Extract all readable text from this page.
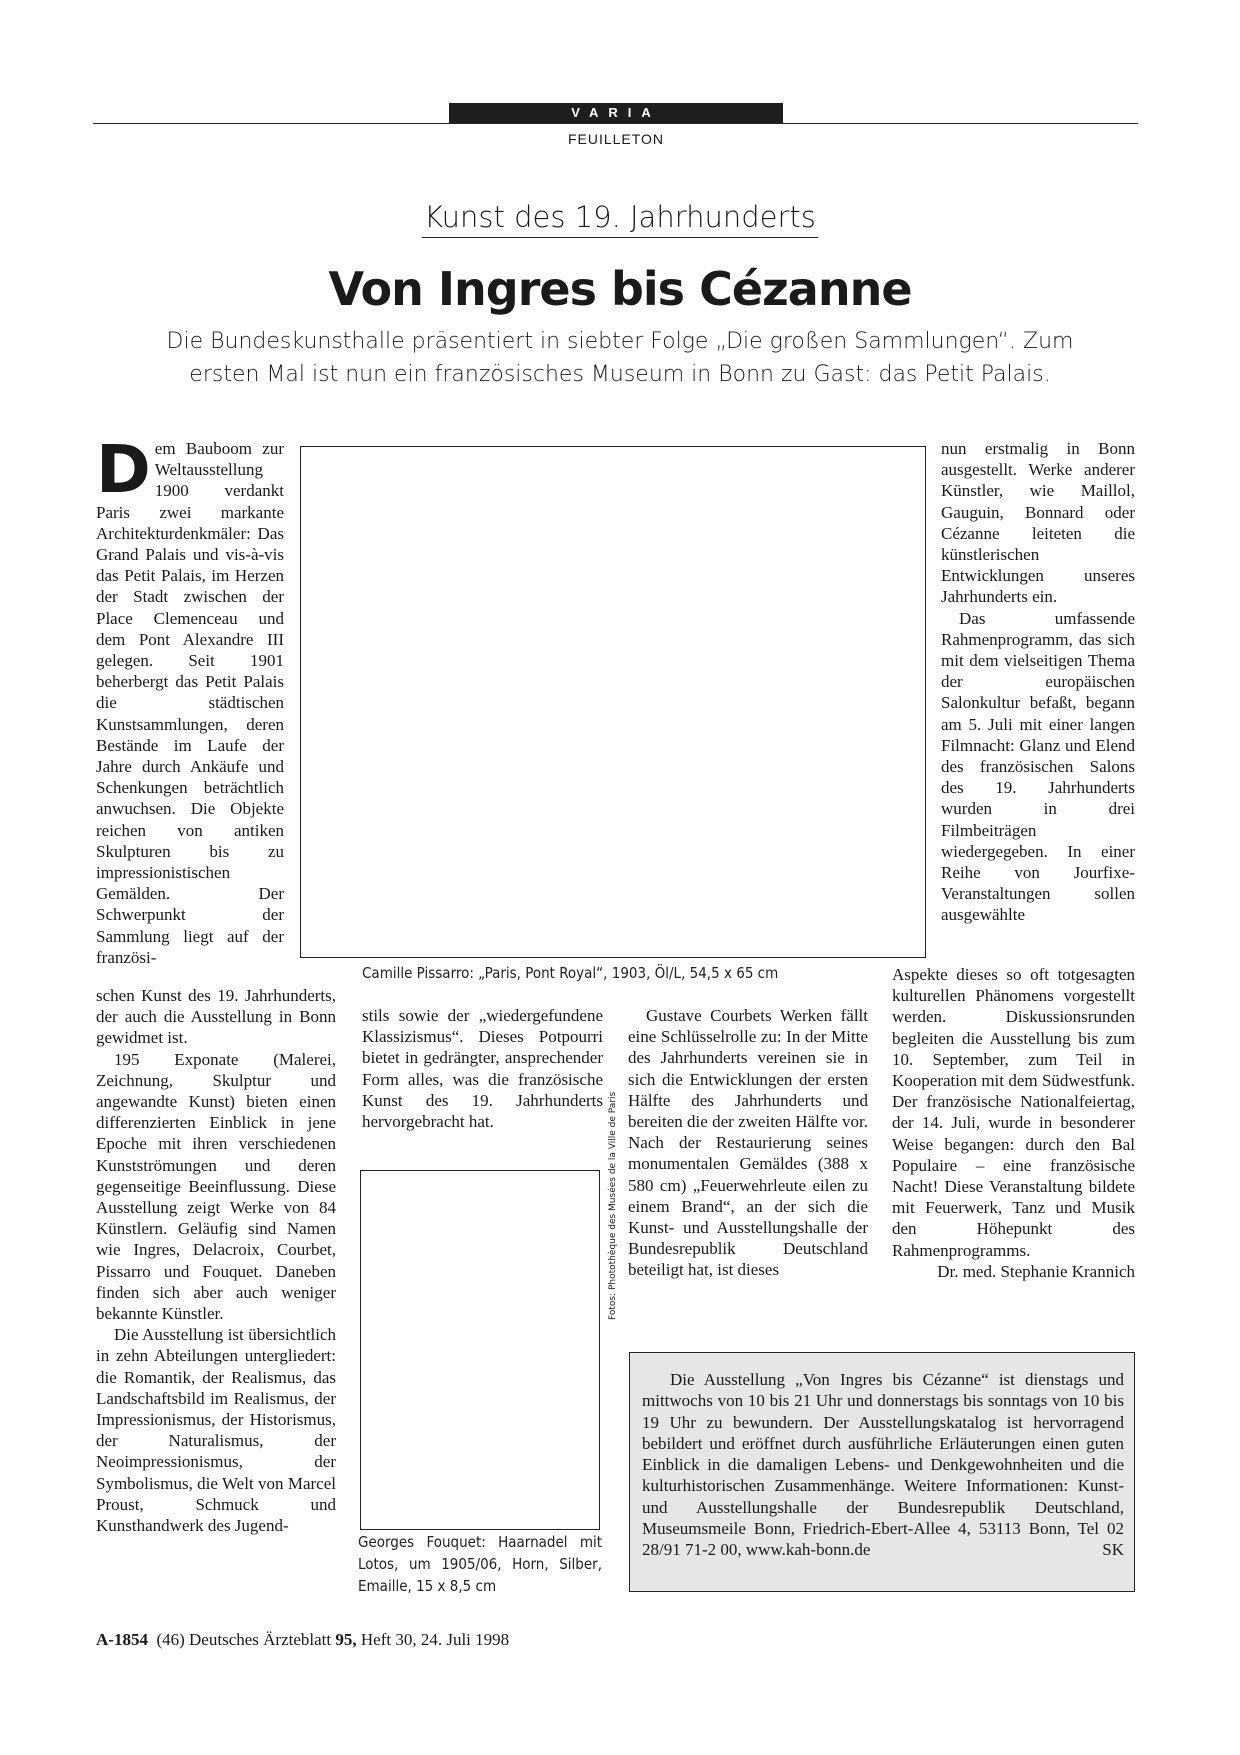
VARIA
FEUILLETON
Kunst des 19. Jahrhunderts
Von Ingres bis Cézanne
Die Bundeskunsthalle präsentiert in siebter Folge „Die großen Sammlungen“. Zum ersten Mal ist nun ein französisches Museum in Bonn zu Gast: das Petit Palais.

Dem Bauboom zur Weltausstellung 1900 verdankt Paris zwei markante Architekturdenkmäler: Das Grand Palais und vis-à-vis das Petit Palais, im Herzen der Stadt zwischen der Place Clemenceau und dem Pont Alexandre III gelegen. Seit 1901 beherbergt das Petit Palais die städtischen Kunstsammlungen, deren Bestände im Laufe der Jahre durch Ankäufe und Schenkungen beträchtlich anwuchsen. Die Objekte reichen von antiken Skulpturen bis zu impressionistischen Gemälden. Der Schwerpunkt der Sammlung liegt auf der französi-

schen Kunst des 19. Jahrhunderts, der auch die Ausstellung in Bonn gewidmet ist.

195 Exponate (Malerei, Zeichnung, Skulptur und angewandte Kunst) bieten einen differenzierten Einblick in jene Epoche mit ihren verschiedenen Kunstströmungen und deren gegenseitige Beeinflussung. Diese Ausstellung zeigt Werke von 84 Künstlern. Geläufig sind Namen wie Ingres, Delacroix, Courbet, Pissarro und Fouquet. Daneben finden sich aber auch weniger bekannte Künstler.

Die Ausstellung ist übersichtlich in zehn Abteilungen untergliedert: die Romantik, der Realismus, das Landschaftsbild im Realismus, der Impressionismus, der Historismus, der Naturalismus, der Neoimpressionismus, der Symbolismus, die Welt von Marcel Proust, Schmuck und Kunsthandwerk des Jugend-

Camille Pissarro: „Paris, Pont Royal“, 1903, Öl/L, 54,5 x 65 cm

stils sowie der „wiedergefundene Klassizismus“. Dieses Potpourri bietet in gedrängter, ansprechender Form alles, was die französische Kunst des 19. Jahrhunderts hervorgebracht hat.

Georges Fouquet: Haarnadel mit Lotos, um 1905/06, Horn, Silber, Emaille, 15 x 8,5 cm
Fotos: Photothèque des Musées de la Ville de Paris

Gustave Courbets Werken fällt eine Schlüsselrolle zu: In der Mitte des Jahrhunderts vereinen sie in sich die Entwicklungen der ersten Hälfte des Jahrhunderts und bereiten die der zweiten Hälfte vor. Nach der Restaurierung seines monumentalen Gemäldes (388 x 580 cm) „Feuerwehrleute eilen zu einem Brand“, an der sich die Kunst- und Ausstellungshalle der Bundesrepublik Deutschland beteiligt hat, ist dieses

nun erstmalig in Bonn ausgestellt. Werke anderer Künstler, wie Maillol, Gauguin, Bonnard oder Cézanne leiteten die künstlerischen Entwicklungen unseres Jahrhunderts ein.

Das umfassende Rahmenprogramm, das sich mit dem vielseitigen Thema der europäischen Salonkultur befaßt, begann am 5. Juli mit einer langen Filmnacht: Glanz und Elend des französischen Salons des 19. Jahrhunderts wurden in drei Filmbeiträgen wiedergegeben. In einer Reihe von Jourfixe-Veranstaltungen sollen ausgewählte

Aspekte dieses so oft totgesagten kulturellen Phänomens vorgestellt werden. Diskussionsrunden begleiten die Ausstellung bis zum 10. September, zum Teil in Kooperation mit dem Südwestfunk. Der französische Nationalfeiertag, der 14. Juli, wurde in besonderer Weise begangen: durch den Bal Populaire – eine französische Nacht! Diese Veranstaltung bildete mit Feuerwerk, Tanz und Musik den Höhepunkt des Rahmenprogramms.

Dr. med. Stephanie Krannich

Die Ausstellung „Von Ingres bis Cézanne“ ist dienstags und mittwochs von 10 bis 21 Uhr und donnerstags bis sonntags von 10 bis 19 Uhr zu bewundern. Der Ausstellungskatalog ist hervorragend bebildert und eröffnet durch ausführliche Erläuterungen einen guten Einblick in die damaligen Lebens- und Denkgewohnheiten und die kulturhistorischen Zusammenhänge. Weitere Informationen: Kunst- und Ausstellungshalle der Bundesrepublik Deutschland, Museumsmeile Bonn, Friedrich-Ebert-Allee 4, 53113 Bonn, Tel 02 28/91 71-2 00, www.kah-bonn.de	SK

A-1854 (46) Deutsches Ärzteblatt 95, Heft 30, 24. Juli 1998
